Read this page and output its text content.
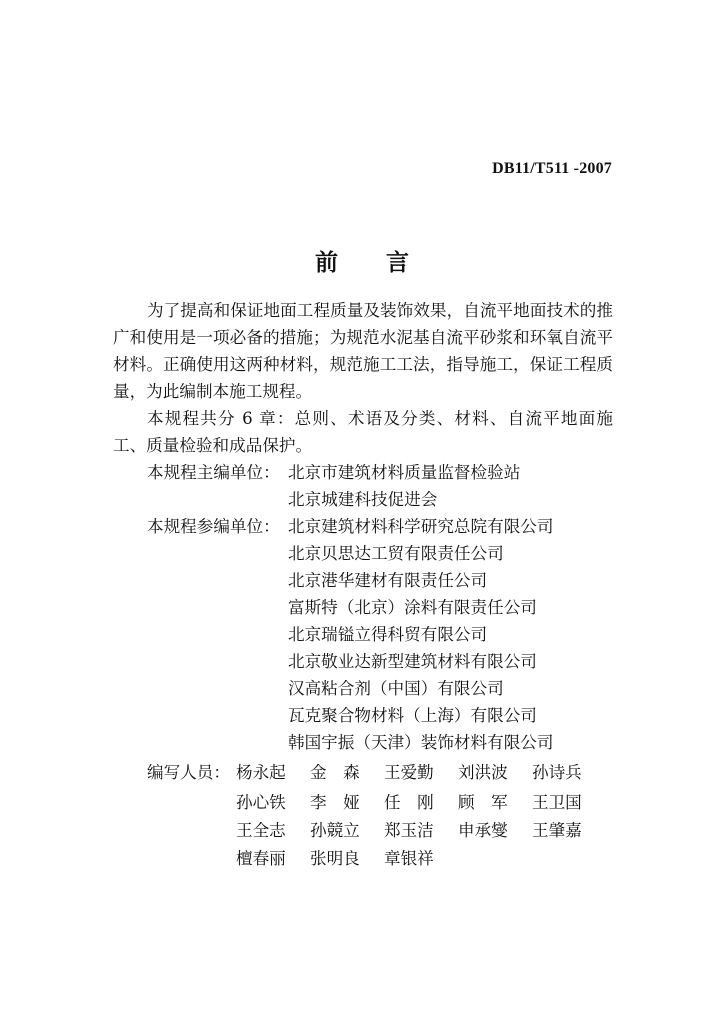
DB11/T511 -2007
前言
为了提高和保证地面工程质量及装饰效果，自流平地面技术的推广和使用是一项必备的措施；为规范水泥基自流平砂浆和环氧自流平材料。正确使用这两种材料，规范施工工法，指导施工，保证工程质量，为此编制本施工规程。
本规程共分 6 章：总则、术语及分类、材料、自流平地面施工、质量检验和成品保护。
本规程主编单位： 北京市建筑材料质量监督检验站
北京城建科技促进会
本规程参编单位： 北京建筑材料科学研究总院有限公司
北京贝思达工贸有限责任公司
北京港华建材有限责任公司
富斯特（北京）涂料有限责任公司
北京瑞镒立得科贸有限公司
北京敬业达新型建筑材料有限公司
汉高粘合剂（中国）有限公司
瓦克聚合物材料（上海）有限公司
韩国宇振（天津）装饰材料有限公司
编写人员： 杨永起 金　森 王爱勤 刘洪波 孙诗兵
孙心铁 李　娅 任　刚 顾　军 王卫国
王全志 孙競立 郑玉洁 申承燮 王肇嘉
檀春丽 张明良 章银祥
